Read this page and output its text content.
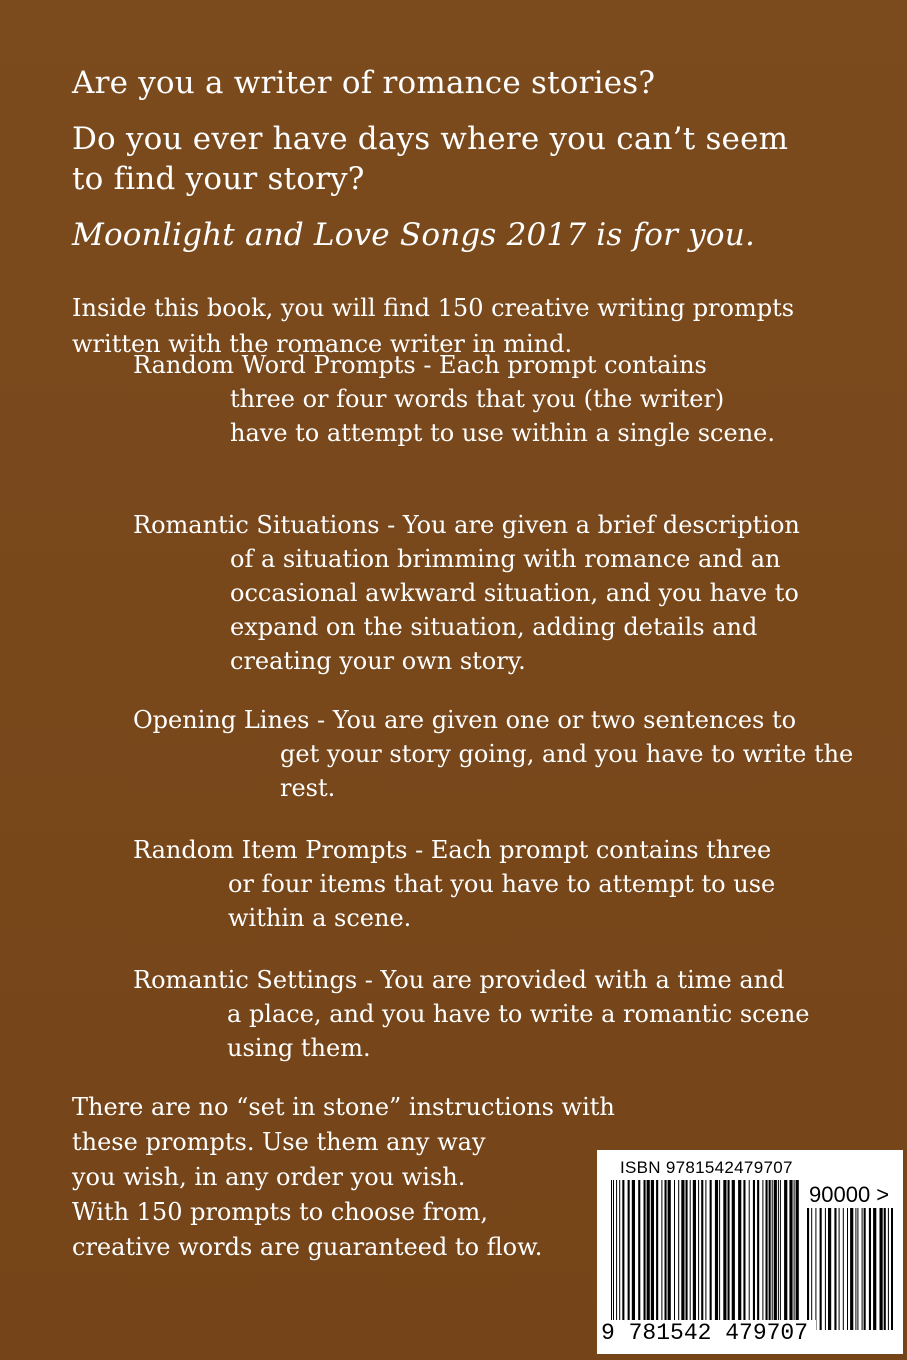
Are you a writer of romance stories?
Do you ever have days where you can’t seem
to find your story?
Moonlight and Love Songs 2017 is for you.
Inside this book, you will find 150 creative writing prompts
written with the romance writer in mind.
Random Word Prompts - Each prompt contains
three or four words that you (the writer)
have to attempt to use within a single scene.
Romantic Situations - You are given a brief description
of a situation brimming with romance and an
occasional awkward situation, and you have to
expand on the situation, adding details and
creating your own story.
Opening Lines - You are given one or two sentences to
get your story going, and you have to write the
rest.
Random Item Prompts - Each prompt contains three
or four items that you have to attempt to use
within a scene.
Romantic Settings - You are provided with a time and
a place, and you have to write a romantic scene
using them.
There are no “set in stone” instructions with
these prompts. Use them any way
you wish, in any order you wish.
With 150 prompts to choose from,
creative words are guaranteed to flow.
ISBN 9781542479707
90000 >
9 781542 479707
